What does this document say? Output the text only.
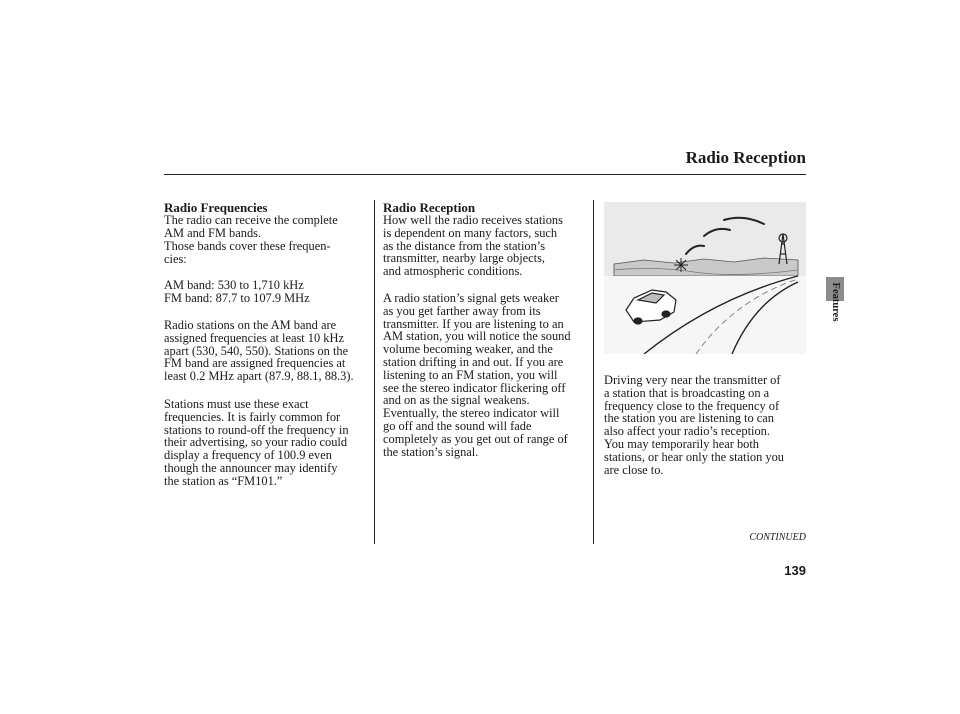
Radio Reception
Features
Radio Frequencies
The radio can receive the complete
AM and FM bands.
Those bands cover these frequen-
cies:
AM band: 530 to 1,710 kHz
FM band: 87.7 to 107.9 MHz
Radio stations on the AM band are
assigned frequencies at least 10 kHz
apart (530, 540, 550). Stations on the
FM band are assigned frequencies at
least 0.2 MHz apart (87.9, 88.1, 88.3).
Stations must use these exact
frequencies. It is fairly common for
stations to round-off the frequency in
their advertising, so your radio could
display a frequency of 100.9 even
though the announcer may identify
the station as “FM101.”
Radio Reception
How well the radio receives stations
is dependent on many factors, such
as the distance from the station’s
transmitter, nearby large objects,
and atmospheric conditions.
A radio station’s signal gets weaker
as you get farther away from its
transmitter. If you are listening to an
AM station, you will notice the sound
volume becoming weaker, and the
station drifting in and out. If you are
listening to an FM station, you will
see the stereo indicator flickering off
and on as the signal weakens.
Eventually, the stereo indicator will
go off and the sound will fade
completely as you get out of range of
the station’s signal.
Driving very near the transmitter of
a station that is broadcasting on a
frequency close to the frequency of
the station you are listening to can
also affect your radio’s reception.
You may temporarily hear both
stations, or hear only the station you
are close to.
CONTINUED
139
